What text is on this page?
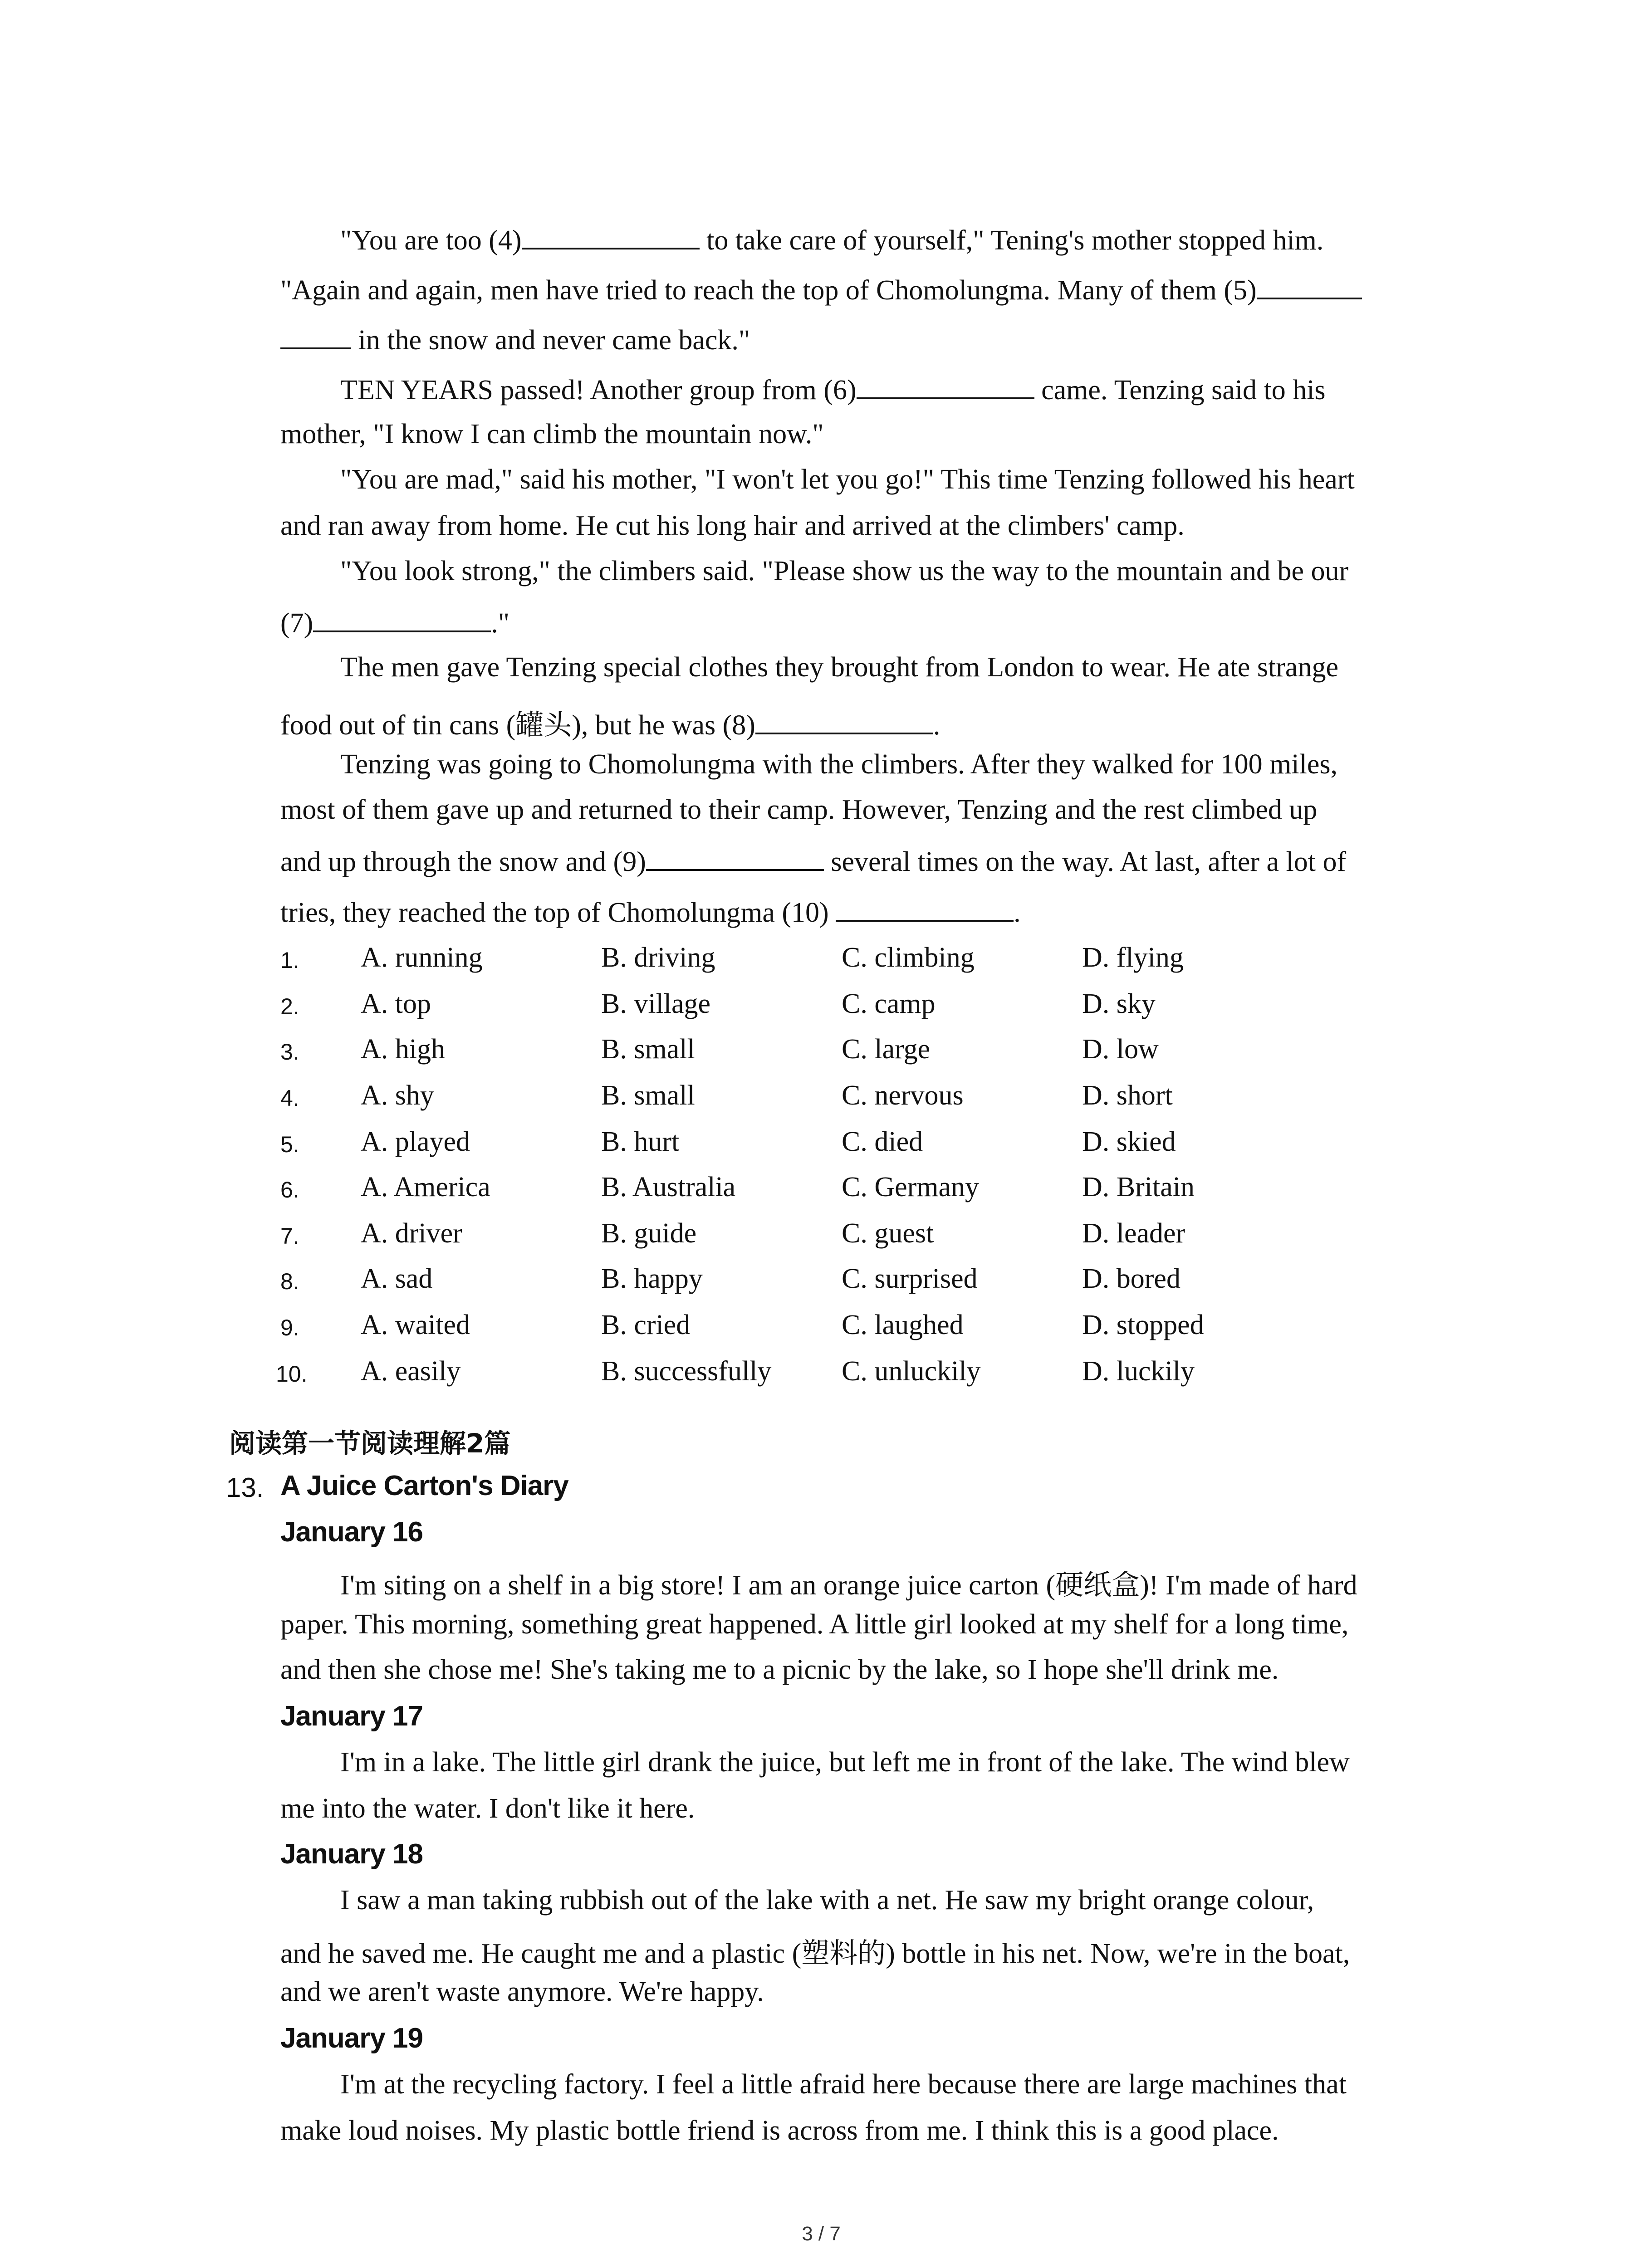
"You are too (4)	to take care of yourself," Tening's mother stopped him.
"Again and again, men have tried to reach the top of Chomolungma. Many of them (5)
in the snow and never came back."
TEN YEARS passed! Another group from (6)	came. Tenzing said to his
mother, "I know I can climb the mountain now."
"You are mad," said his mother, "I won't let you go!" This time Tenzing followed his heart
and ran away from home. He cut his long hair and arrived at the climbers' camp.
"You look strong," the climbers said. "Please show us the way to the mountain and be our
(7)	."
The men gave Tenzing special clothes they brought from London to wear. He ate strange
food out of tin cans (罐头), but he was (8)	.
Tenzing was going to Chomolungma with the climbers. After they walked for 100 miles,
most of them gave up and returned to their camp. However, Tenzing and the rest climbed up
and up through the snow and (9)	several times on the way. At last, after a lot of
tries, they reached the top of Chomolungma (10)	.
1. A. running	B. driving	C. climbing	D. flying
2. A. top	B. village	C. camp	D. sky
3. A. high	B. small	C. large	D. low
4. A. shy	B. small	C. nervous	D. short
5. A. played	B. hurt	C. died	D. skied
6. A. America	B. Australia	C. Germany	D. Britain
7. A. driver	B. guide	C. guest	D. leader
8. A. sad	B. happy	C. surprised	D. bored
9. A. waited	B. cried	C. laughed	D. stopped
10. A. easily	B. successfully C. unluckily	D. luckily
阅读第一节阅读理解2篇
13. A Juice Carton's Diary
January 16
I'm siting on a shelf in a big store! I am an orange juice carton (硬纸盒)! I'm made of hard
paper. This morning, something great happened. A little girl looked at my shelf for a long time,
and then she chose me! She's taking me to a picnic by the lake, so I hope she'll drink me.
January 17
I'm in a lake. The little girl drank the juice, but left me in front of the lake. The wind blew
me into the water. I don't like it here.
January 18
I saw a man taking rubbish out of the lake with a net. He saw my bright orange colour,
and he saved me. He caught me and a plastic (塑料的) bottle in his net. Now, we're in the boat,
and we aren't waste anymore. We're happy.
January 19
I'm at the recycling factory. I feel a little afraid here because there are large machines that
make loud noises. My plastic bottle friend is across from me. I think this is a good place.
3 / 7
